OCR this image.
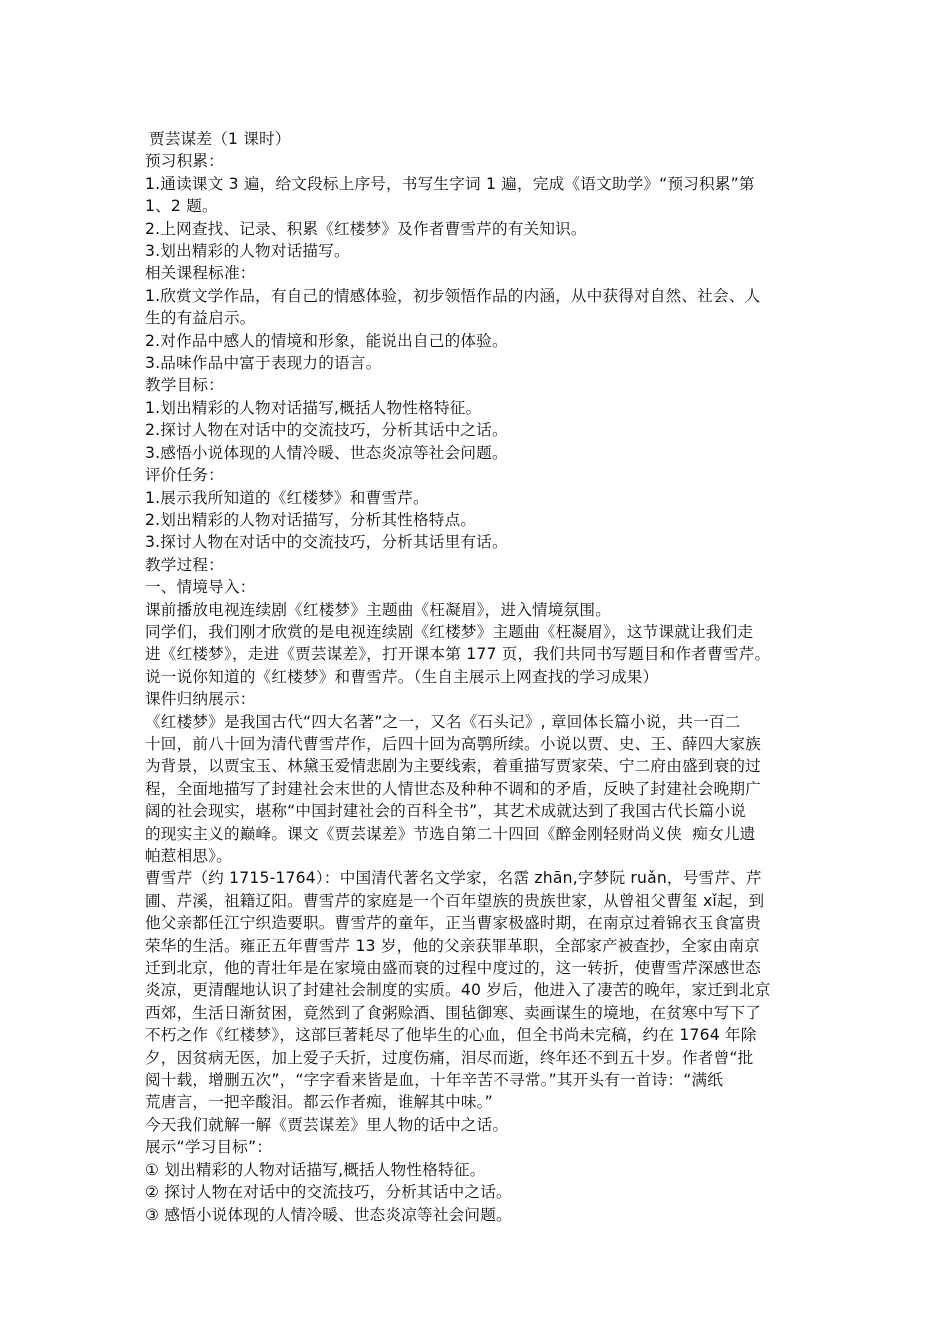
贾芸谋差（1 课时）
预习积累：
1.通读课文 3 遍，给文段标上序号，书写生字词 1 遍，完成《语文助学》“预习积累”第
1、2 题。
2.上网查找、记录、积累《红楼梦》及作者曹雪芹的有关知识。
3.划出精彩的人物对话描写。
相关课程标准：
1.欣赏文学作品，有自己的情感体验，初步领悟作品的内涵，从中获得对自然、社会、人
生的有益启示。
2.对作品中感人的情境和形象，能说出自己的体验。
3.品味作品中富于表现力的语言。
教学目标：
1.划出精彩的人物对话描写,概括人物性格特征。
2.探讨人物在对话中的交流技巧，分析其话中之话。
3.感悟小说体现的人情冷暖、世态炎凉等社会问题。
评价任务：
1.展示我所知道的《红楼梦》和曹雪芹。
2.划出精彩的人物对话描写，分析其性格特点。
3.探讨人物在对话中的交流技巧，分析其话里有话。
教学过程：
一、情境导入：
课前播放电视连续剧《红楼梦》主题曲《枉凝眉》，进入情境氛围。
同学们，我们刚才欣赏的是电视连续剧《红楼梦》主题曲《枉凝眉》，这节课就让我们走
进《红楼梦》，走进《贾芸谋差》，打开课本第 177 页，我们共同书写题目和作者曹雪芹。
说一说你知道的《红楼梦》和曹雪芹。（生自主展示上网查找的学习成果）
课件归纳展示：
《红楼梦》是我国古代“四大名著”之一，又名《石头记》, 章回体长篇小说，共一百二
十回，前八十回为清代曹雪芹作，后四十回为高鹗所续。小说以贾、史、王、薛四大家族
为背景，以贾宝玉、林黛玉爱情悲剧为主要线索，着重描写贾家荣、宁二府由盛到衰的过
程，全面地描写了封建社会末世的人情世态及种种不调和的矛盾，反映了封建社会晚期广
阔的社会现实，堪称“中国封建社会的百科全书”，其艺术成就达到了我国古代长篇小说
的现实主义的巅峰。课文《贾芸谋差》节选自第二十四回《醉金刚轻财尚义侠  痴女儿遗
帕惹相思》。
曹雪芹（约 1715-1764）：中国清代著名文学家，名霑 zhān,字梦阮 ruǎn，号雪芹、芹
圃、芹溪，祖籍辽阳。曹雪芹的家庭是一个百年望族的贵族世家，从曾祖父曹玺 xǐ起，到
他父亲都任江宁织造要职。曹雪芹的童年，正当曹家极盛时期，在南京过着锦衣玉食富贵
荣华的生活。雍正五年曹雪芹 13 岁，他的父亲获罪革职，全部家产被查抄，全家由南京
迁到北京，他的青壮年是在家境由盛而衰的过程中度过的，这一转折，使曹雪芹深感世态
炎凉，更清醒地认识了封建社会制度的实质。40 岁后，他进入了凄苦的晚年，家迁到北京
西郊，生活日渐贫困，竟然到了食粥赊酒、围毡御寒、卖画谋生的境地，在贫寒中写下了
不朽之作《红楼梦》，这部巨著耗尽了他毕生的心血，但全书尚未完稿，约在 1764 年除
夕，因贫病无医，加上爱子夭折，过度伤痛，泪尽而逝，终年还不到五十岁。作者曾“批
阅十载，增删五次”，“字字看来皆是血，十年辛苦不寻常。”其开头有一首诗：“满纸
荒唐言，一把辛酸泪。都云作者痴，谁解其中味。”
今天我们就解一解《贾芸谋差》里人物的话中之话。
展示“学习目标”：
① 划出精彩的人物对话描写,概括人物性格特征。
② 探讨人物在对话中的交流技巧，分析其话中之话。
③ 感悟小说体现的人情冷暖、世态炎凉等社会问题。
